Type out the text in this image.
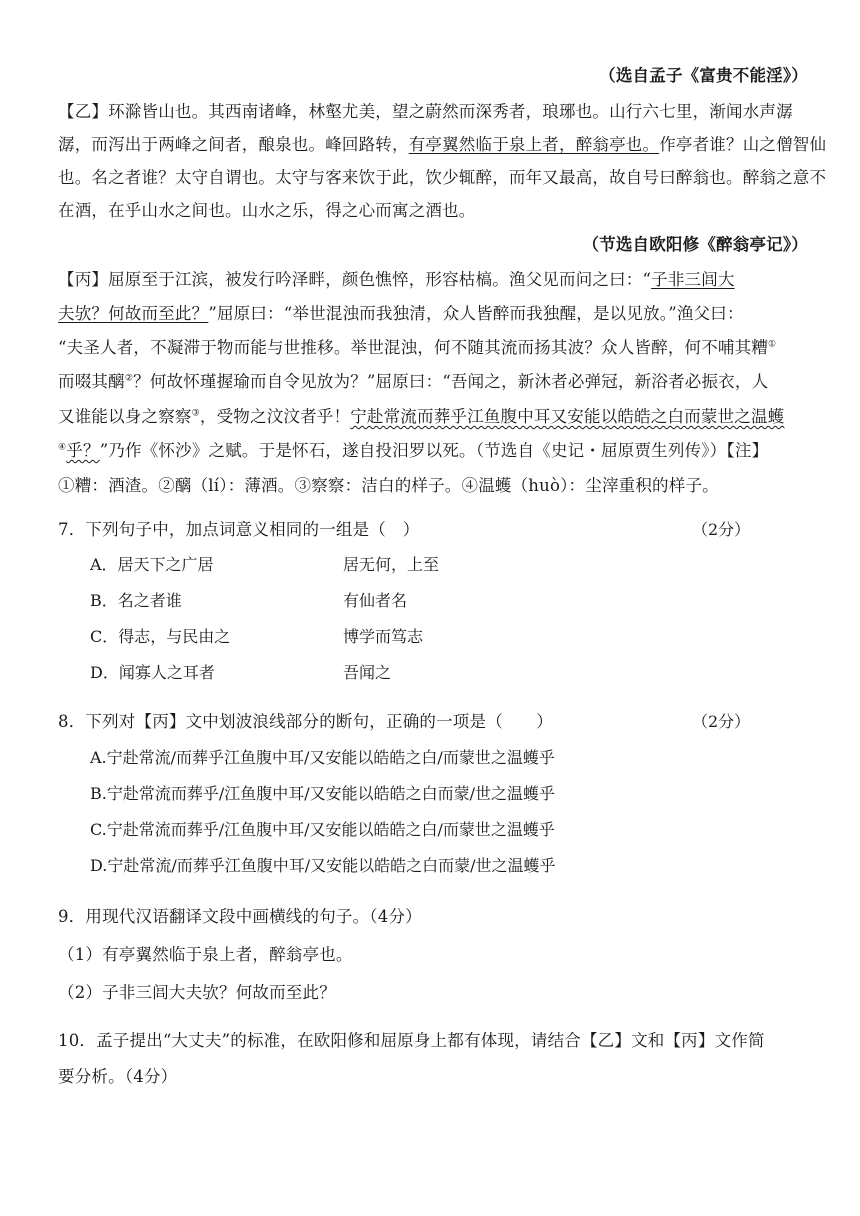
（选自孟子《富贵不能淫》）
【乙】环滁皆山也。其西南诸峰，林壑尤美，望之蔚然而深秀者，琅琊也。山行六七里，渐闻水声潺
潺，而泻出于两峰之间者，酿泉也。峰回路转，有亭翼然临于泉上者，醉翁亭也。作亭者谁？山之僧智仙
也。名之者谁？太守自谓也。太守与客来饮于此，饮少辄醉，而年又最高，故自号曰醉翁也。醉翁之意不
在酒，在乎山水之间也。山水之乐，得之心而寓之酒也。
（节选自欧阳修《醉翁亭记》）
【丙】屈原至于江滨，被发行吟泽畔，颜色憔悴，形容枯槁。渔父见而问之曰：“子非三闾大
夫欤？何故而至此？”屈原曰：“举世混浊而我独清，众人皆醉而我独醒，是以见放。”渔父曰：
“夫圣人者，不凝滞于物而能与世推移。举世混浊，何不随其流而扬其波？众人皆醉，何不哺其糟①
而啜其醨②？何故怀瑾握瑜而自令见放为？”屈原曰：“吾闻之，新沐者必弹冠，新浴者必振衣，人
又谁能以身之察察③，受物之汶汶者乎！宁赴常流而葬乎江鱼腹中耳又安能以皓皓之白而蒙世之温蠖
④乎？”乃作《怀沙》之赋。于是怀石，遂自投汨罗以死。（节选自《史记・屈原贾生列传》）【注】
①糟：酒渣。②醨（lí）：薄酒。③察察：洁白的样子。④温蠖（huò）：尘滓重积的样子。
7．下列句子中，加点词意义相同的一组是（　）	（2分）
A．居天下之广居	居无何，上至
B．名之者谁	有仙者名
C．得志，与民由之	博学而笃志
D．闻寡人之耳者	吾闻之
8．下列对【丙】文中划波浪线部分的断句，正确的一项是（　　）	（2分）
A.宁赴常流/而葬乎江鱼腹中耳/又安能以皓皓之白/而蒙世之温蠖乎
B.宁赴常流而葬乎/江鱼腹中耳/又安能以皓皓之白而蒙/世之温蠖乎
C.宁赴常流而葬乎/江鱼腹中耳/又安能以皓皓之白/而蒙世之温蠖乎
D.宁赴常流/而葬乎江鱼腹中耳/又安能以皓皓之白而蒙/世之温蠖乎
9．用现代汉语翻译文段中画横线的句子。（4分）
（1）有亭翼然临于泉上者，醉翁亭也。
（2）子非三闾大夫欤？何故而至此？
10．孟子提出“大丈夫”的标准，在欧阳修和屈原身上都有体现，请结合【乙】文和【丙】文作简
要分析。（4分）
